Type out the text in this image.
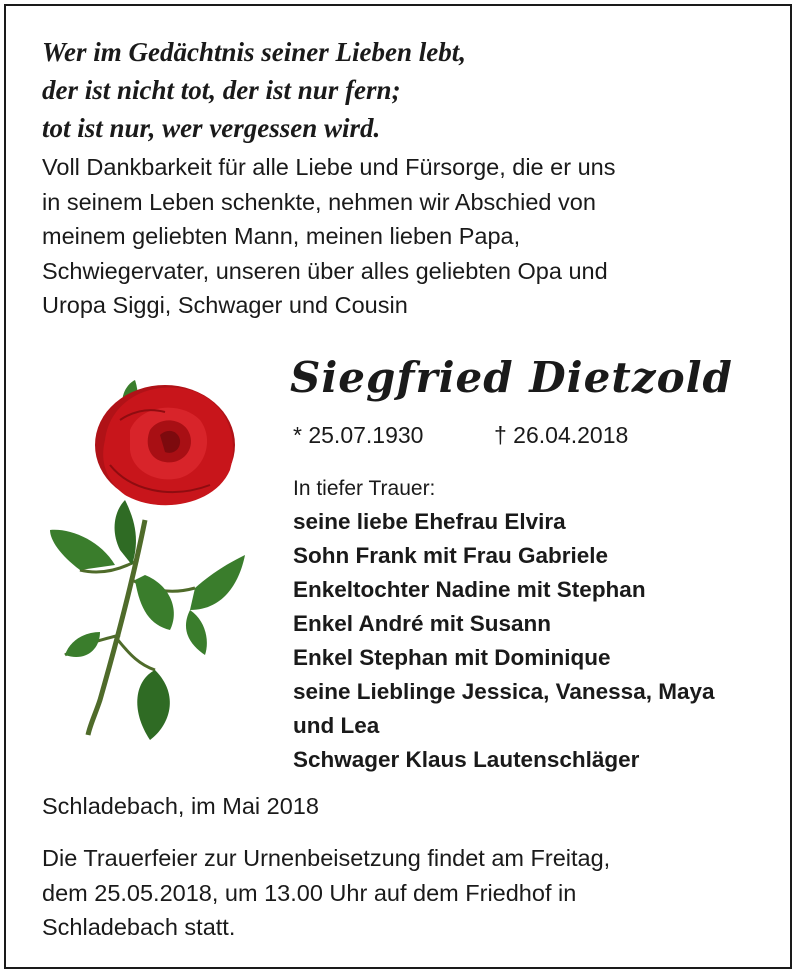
Wer im Gedächtnis seiner Lieben lebt,
der ist nicht tot, der ist nur fern;
tot ist nur, wer vergessen wird.
Voll Dankbarkeit für alle Liebe und Fürsorge, die er uns
in seinem Leben schenkte, nehmen wir Abschied von
meinem geliebten Mann, meinen lieben Papa,
Schwiegervater, unseren über alles geliebten Opa und
Uropa Siggi, Schwager und Cousin
Siegfried Dietzold
* 25.07.1930	† 26.04.2018
In tiefer Trauer:
seine liebe Ehefrau Elvira
Sohn Frank mit Frau Gabriele
Enkeltochter Nadine mit Stephan
Enkel André mit Susann
Enkel Stephan mit Dominique
seine Lieblinge Jessica, Vanessa, Maya
und Lea
Schwager Klaus Lautenschläger
Schladebach, im Mai 2018
Die Trauerfeier zur Urnenbeisetzung findet am Freitag,
dem 25.05.2018, um 13.00 Uhr auf dem Friedhof in
Schladebach statt.
